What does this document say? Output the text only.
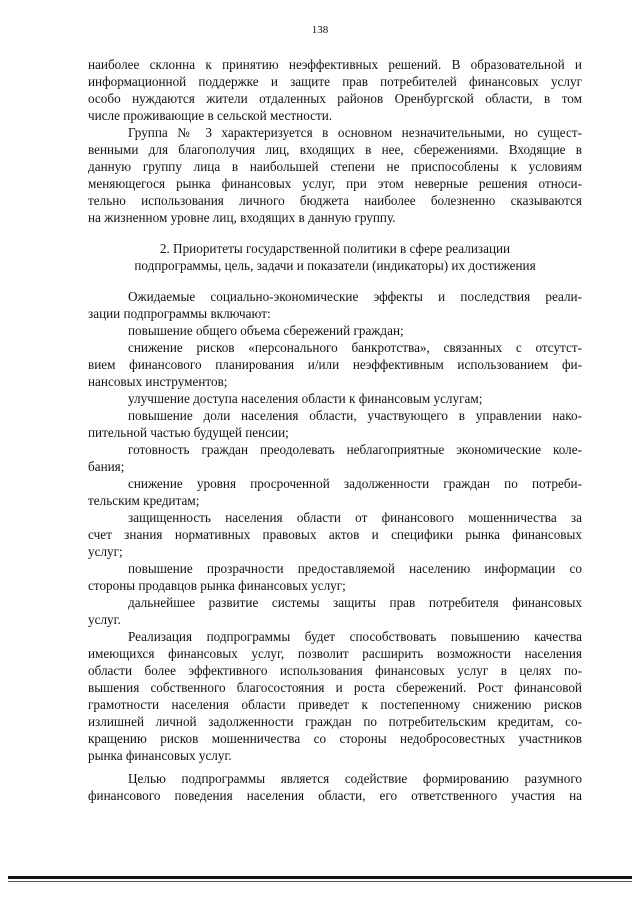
138
наиболее склонна к принятию неэффективных решений. В образовательной и
информационной поддержке и защите прав потребителей финансовых услуг
особо нуждаются жители отдаленных районов Оренбургской области, в том
числе проживающие в сельской местности.
Группа № 3 характеризуется в основном незначительными, но сущест-
венными для благополучия лиц, входящих в нее, сбережениями. Входящие в
данную группу лица в наибольшей степени не приспособлены к условиям
меняющегося рынка финансовых услуг, при этом неверные решения относи-
тельно использования личного бюджета наиболее болезненно сказываются
на жизненном уровне лиц, входящих в данную группу.
2. Приоритеты государственной политики в сфере реализации
подпрограммы, цель, задачи и показатели (индикаторы) их достижения
Ожидаемые социально-экономические эффекты и последствия реали-
зации подпрограммы включают:
повышение общего объема сбережений граждан;
снижение рисков «персонального банкротства», связанных с отсутст-
вием финансового планирования и/или неэффективным использованием фи-
нансовых инструментов;
улучшение доступа населения области к финансовым услугам;
повышение доли населения области, участвующего в управлении нако-
пительной частью будущей пенсии;
готовность граждан преодолевать неблагоприятные экономические коле-
бания;
снижение уровня просроченной задолженности граждан по потреби-
тельским кредитам;
защищенность населения области от финансового мошенничества за
счет знания нормативных правовых актов и специфики рынка финансовых
услуг;
повышение прозрачности предоставляемой населению информации со
стороны продавцов рынка финансовых услуг;
дальнейшее развитие системы защиты прав потребителя финансовых
услуг.
Реализация подпрограммы будет способствовать повышению качества
имеющихся финансовых услуг, позволит расширить возможности населения
области более эффективного использования финансовых услуг в целях по-
вышения собственного благосостояния и роста сбережений. Рост финансовой
грамотности населения области приведет к постепенному снижению рисков
излишней личной задолженности граждан по потребительским кредитам, со-
кращению рисков мошенничества со стороны недобросовестных участников
рынка финансовых услуг.
Целью подпрограммы является содействие формированию разумного
финансового поведения населения области, его ответственного участия на
